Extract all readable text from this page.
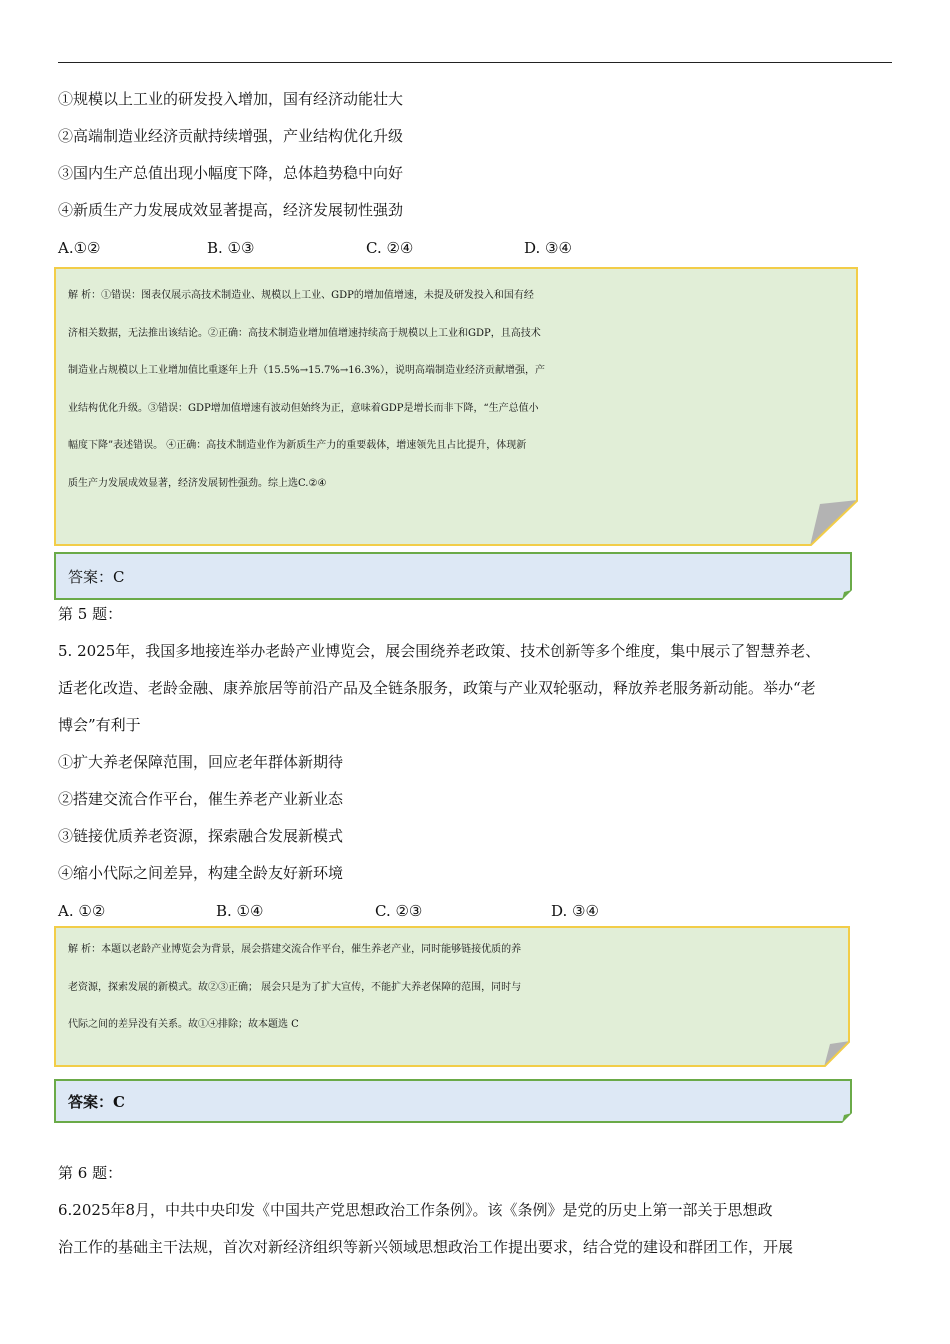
①规模以上工业的研发投入增加，国有经济动能壮大
②高端制造业经济贡献持续增强，产业结构优化升级
③国内生产总值出现小幅度下降，总体趋势稳中向好
④新质生产力发展成效显著提高，经济发展韧性强劲
A.①②	B. ①③	C. ②④	D. ③④
解 析：①错误：图表仅展示高技术制造业、规模以上工业、GDP的增加值增速，未提及研发投入和国有经
济相关数据，无法推出该结论。②正确：高技术制造业增加值增速持续高于规模以上工业和GDP，且高技术
制造业占规模以上工业增加值比重逐年上升（15.5%→15.7%→16.3%），说明高端制造业经济贡献增强，产
业结构优化升级。③错误：GDP增加值增速有波动但始终为正，意味着GDP是增长而非下降，“生产总值小
幅度下降”表述错误。 ④正确：高技术制造业作为新质生产力的重要载体，增速领先且占比提升，体现新
质生产力发展成效显著，经济发展韧性强劲。综上选C.②④
答案：C
第 5 题：
5. 2025年，我国多地接连举办老龄产业博览会，展会围绕养老政策、技术创新等多个维度，集中展示了智慧养老、
适老化改造、老龄金融、康养旅居等前沿产品及全链条服务，政策与产业双轮驱动，释放养老服务新动能。举办“老
博会”有利于
①扩大养老保障范围，回应老年群体新期待
②搭建交流合作平台，催生养老产业新业态
③链接优质养老资源，探索融合发展新模式
④缩小代际之间差异，构建全龄友好新环境
A. ①②	B. ①④	C. ②③	D. ③④
解 析：本题以老龄产业博览会为背景，展会搭建交流合作平台，催生养老产业，同时能够链接优质的养
老资源，探索发展的新模式。故②③正确； 展会只是为了扩大宣传，不能扩大养老保障的范围，同时与
代际之间的差异没有关系。故①④排除；故本题选 C
答案：C
第 6 题：
6.2025年8月，中共中央印发《中国共产党思想政治工作条例》。该《条例》是党的历史上第一部关于思想政
治工作的基础主干法规，首次对新经济组织等新兴领域思想政治工作提出要求，结合党的建设和群团工作，开展
